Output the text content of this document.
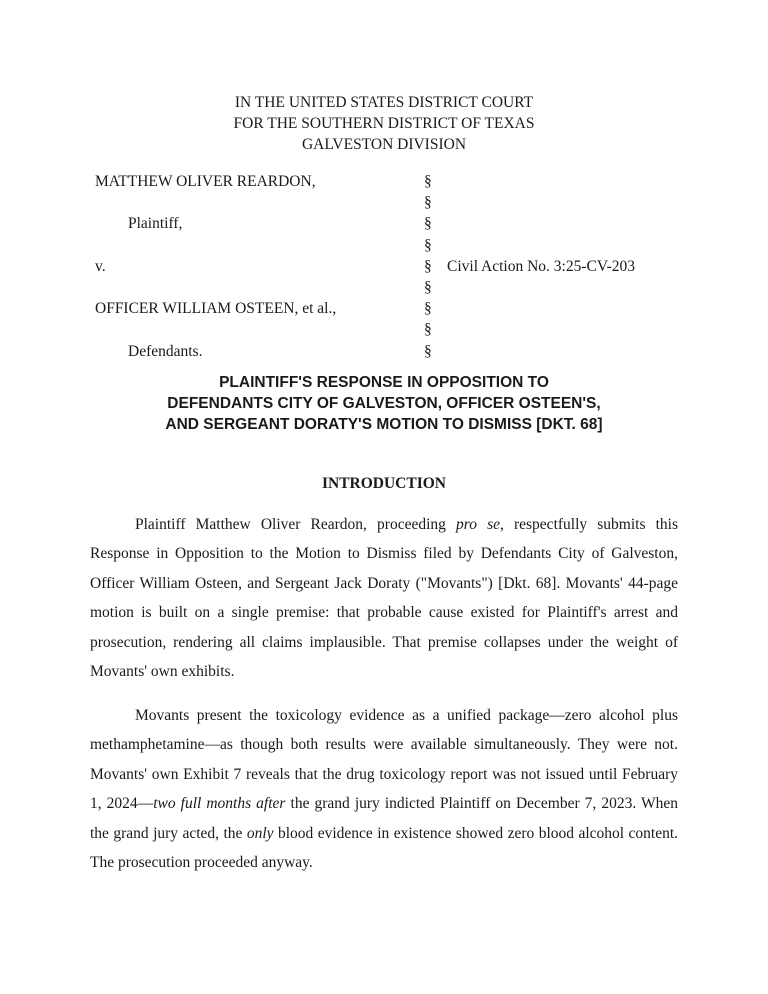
IN THE UNITED STATES DISTRICT COURT
FOR THE SOUTHERN DISTRICT OF TEXAS
GALVESTON DIVISION
MATTHEW OLIVER REARDON,	§
§
Plaintiff,	§
§
v.	§ Civil Action No. 3:25-CV-203
§
OFFICER WILLIAM OSTEEN, et al.,	§
§
Defendants.	§
PLAINTIFF'S RESPONSE IN OPPOSITION TO
DEFENDANTS CITY OF GALVESTON, OFFICER OSTEEN'S,
AND SERGEANT DORATY'S MOTION TO DISMISS [DKT. 68]
INTRODUCTION

Plaintiff Matthew Oliver Reardon, proceeding pro se, respectfully submits this Response in Opposition to the Motion to Dismiss filed by Defendants City of Galveston, Officer William Osteen, and Sergeant Jack Doraty ("Movants") [Dkt. 68]. Movants' 44-page motion is built on a single premise: that probable cause existed for Plaintiff's arrest and prosecution, rendering all claims implausible. That premise collapses under the weight of Movants' own exhibits.

Movants present the toxicology evidence as a unified package—zero alcohol plus methamphetamine—as though both results were available simultaneously. They were not. Movants' own Exhibit 7 reveals that the drug toxicology report was not issued until February 1, 2024—two full months after the grand jury indicted Plaintiff on December 7, 2023. When the grand jury acted, the only blood evidence in existence showed zero blood alcohol content. The prosecution proceeded anyway.
